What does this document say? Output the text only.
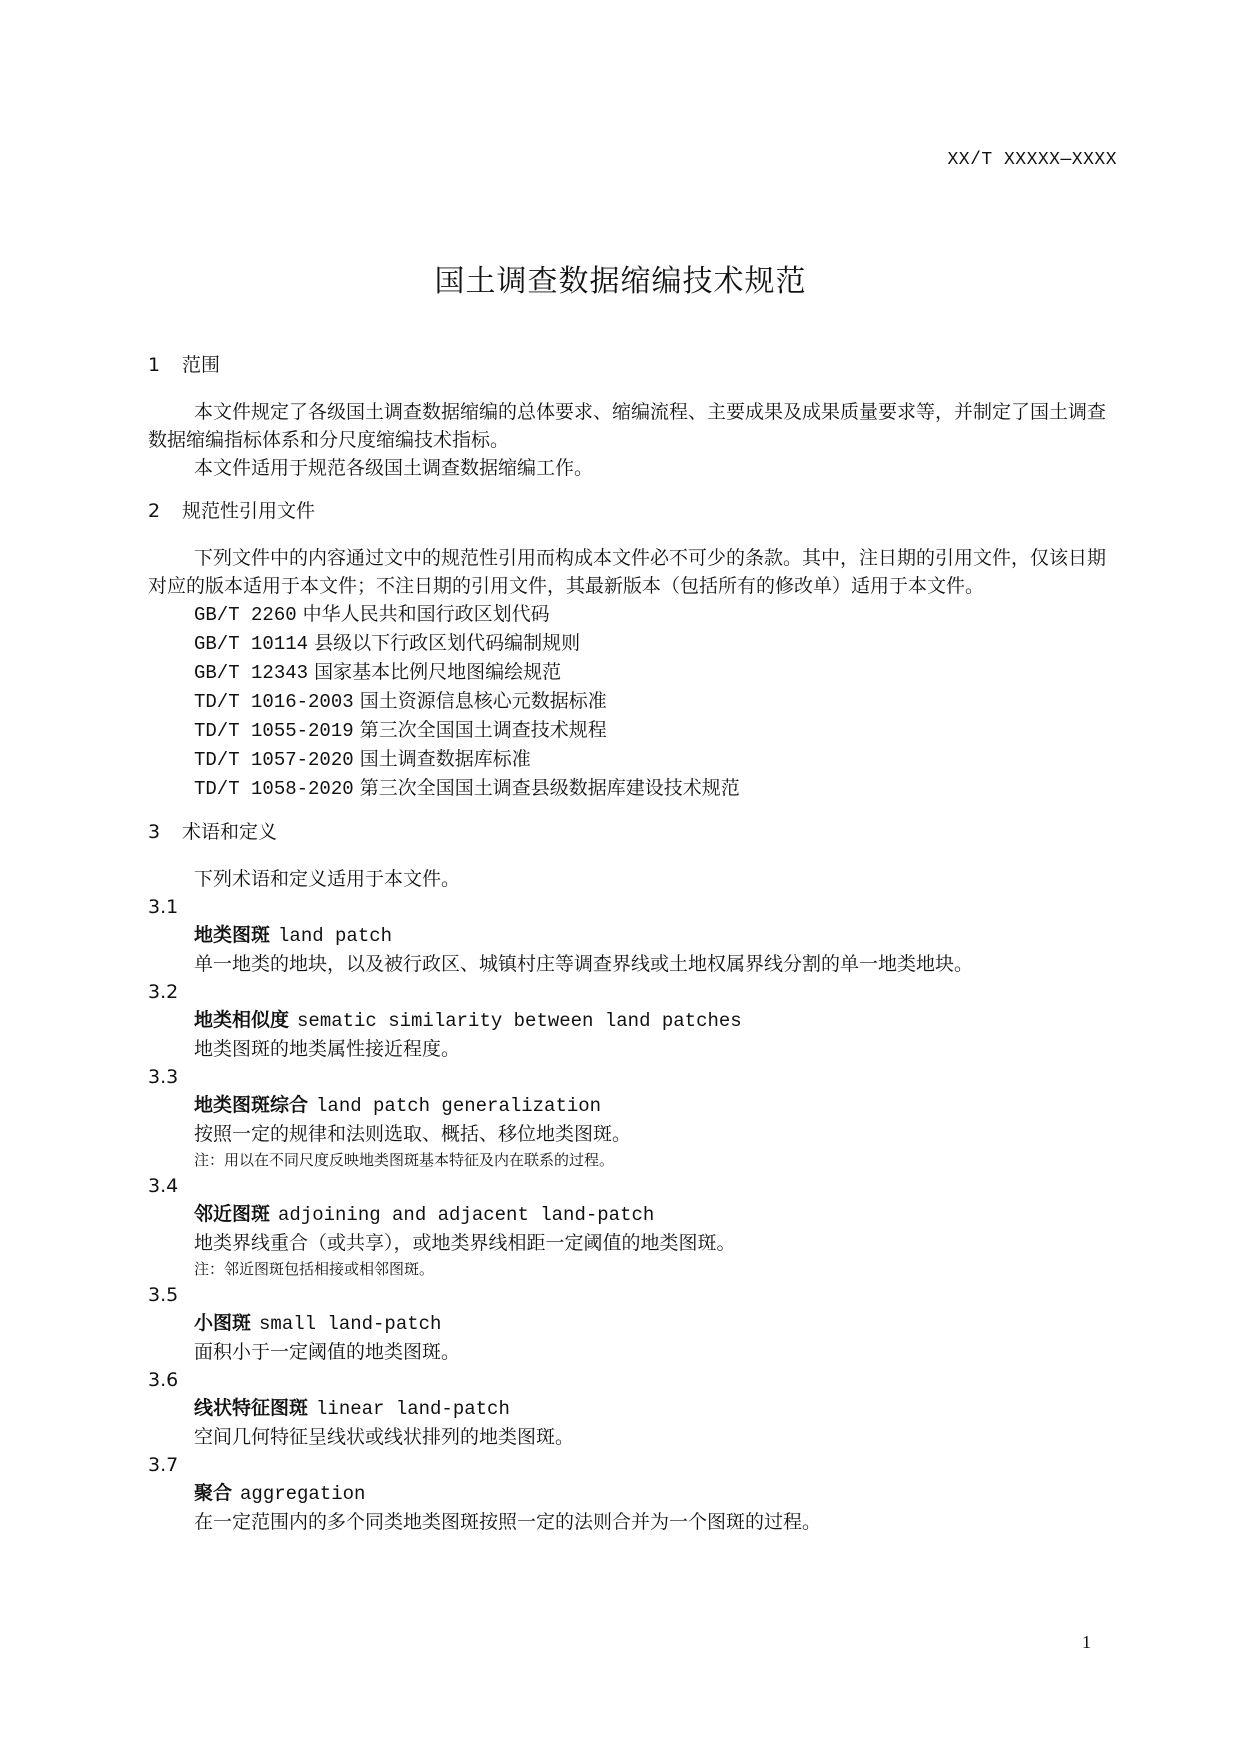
XX/T XXXXX—XXXX
国土调查数据缩编技术规范
1 范围

本文件规定了各级国土调查数据缩编的总体要求、缩编流程、主要成果及成果质量要求等，并制定了国土调查数据缩编指标体系和分尺度缩编技术指标。

本文件适用于规范各级国土调查数据缩编工作。

2 规范性引用文件

下列文件中的内容通过文中的规范性引用而构成本文件必不可少的条款。其中，注日期的引用文件，仅该日期对应的版本适用于本文件；不注日期的引用文件，其最新版本（包括所有的修改单）适用于本文件。

GB/T 2260 中华人民共和国行政区划代码
GB/T 10114 县级以下行政区划代码编制规则
GB/T 12343 国家基本比例尺地图编绘规范
TD/T 1016-2003 国土资源信息核心元数据标准
TD/T 1055-2019 第三次全国国土调查技术规程
TD/T 1057-2020 国土调查数据库标准
TD/T 1058-2020 第三次全国国土调查县级数据库建设技术规范
3 术语和定义

下列术语和定义适用于本文件。

3.1
地类图斑 land patch
单一地类的地块，以及被行政区、城镇村庄等调查界线或土地权属界线分割的单一地类地块。
3.2
地类相似度 sematic similarity between land patches
地类图斑的地类属性接近程度。
3.3
地类图斑综合 land patch generalization
按照一定的规律和法则选取、概括、移位地类图斑。
注：用以在不同尺度反映地类图斑基本特征及内在联系的过程。
3.4
邻近图斑 adjoining and adjacent land-patch
地类界线重合（或共享），或地类界线相距一定阈值的地类图斑。
注：邻近图斑包括相接或相邻图斑。
3.5
小图斑 small land-patch
面积小于一定阈值的地类图斑。
3.6
线状特征图斑 linear land-patch
空间几何特征呈线状或线状排列的地类图斑。
3.7
聚合 aggregation
在一定范围内的多个同类地类图斑按照一定的法则合并为一个图斑的过程。
1
